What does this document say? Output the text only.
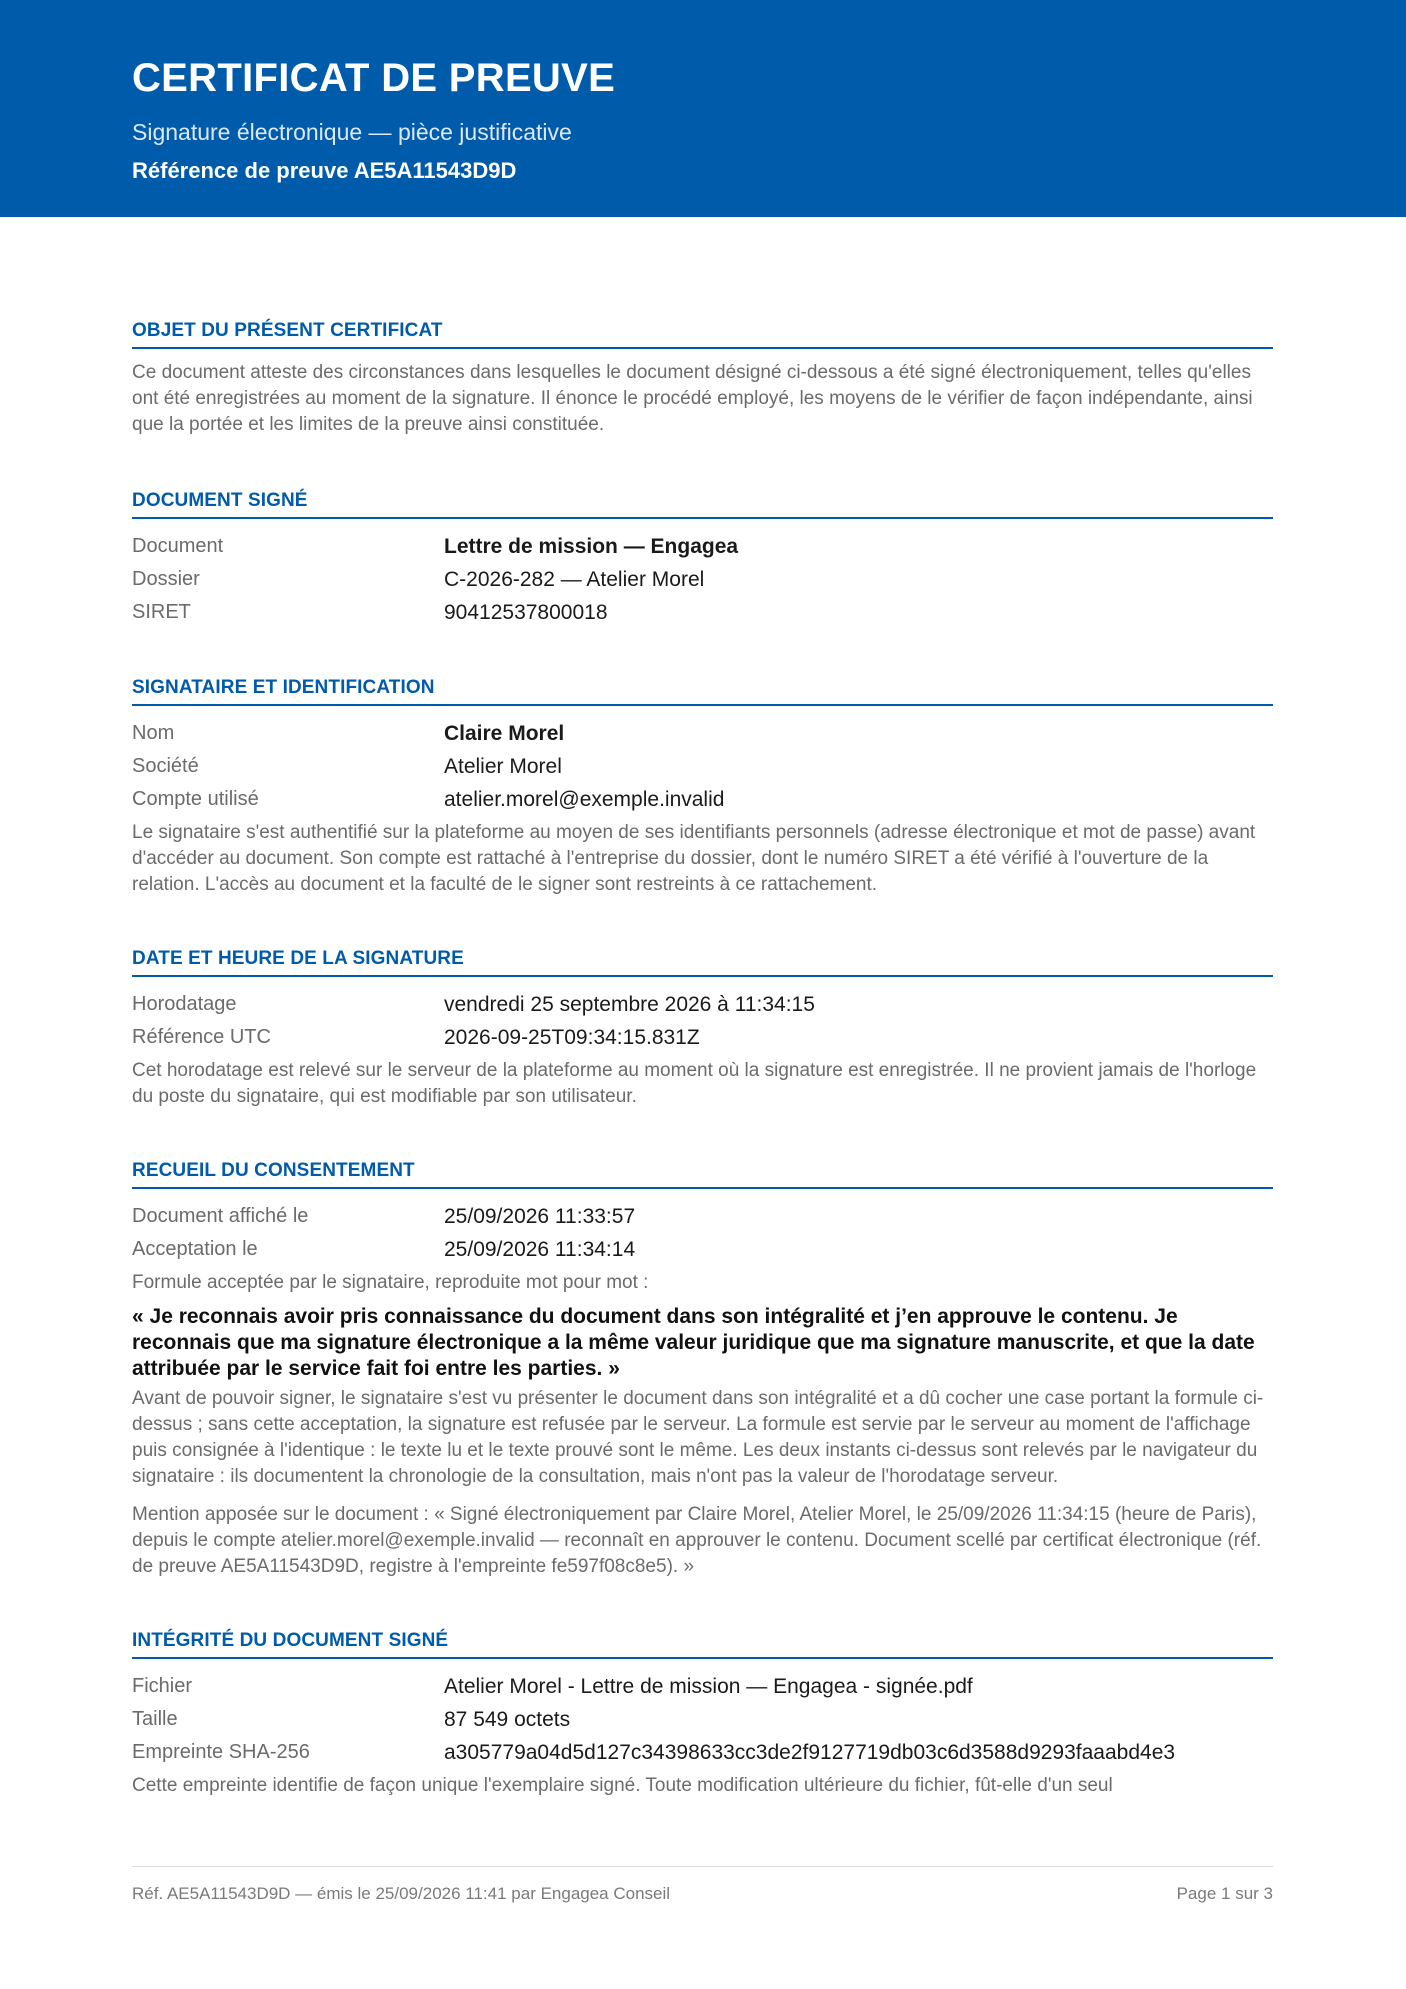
CERTIFICAT DE PREUVE
Signature électronique — pièce justificative
Référence de preuve AE5A11543D9D
OBJET DU PRÉSENT CERTIFICAT
Ce document atteste des circonstances dans lesquelles le document désigné ci-dessous a été signé électroniquement, telles qu'elles ont été enregistrées au moment de la signature. Il énonce le procédé employé, les moyens de le vérifier de façon indépendante, ainsi que la portée et les limites de la preuve ainsi constituée.
DOCUMENT SIGNÉ
Document	Lettre de mission — Engagea
Dossier	C-2026-282 — Atelier Morel
SIRET	90412537800018
SIGNATAIRE ET IDENTIFICATION
Nom	Claire Morel
Société	Atelier Morel
Compte utilisé	atelier.morel@exemple.invalid
Le signataire s'est authentifié sur la plateforme au moyen de ses identifiants personnels (adresse électronique et mot de passe) avant d'accéder au document. Son compte est rattaché à l'entreprise du dossier, dont le numéro SIRET a été vérifié à l'ouverture de la relation. L'accès au document et la faculté de le signer sont restreints à ce rattachement.
DATE ET HEURE DE LA SIGNATURE
Horodatage	vendredi 25 septembre 2026 à 11:34:15
Référence UTC	2026-09-25T09:34:15.831Z
Cet horodatage est relevé sur le serveur de la plateforme au moment où la signature est enregistrée. Il ne provient jamais de l'horloge du poste du signataire, qui est modifiable par son utilisateur.
RECUEIL DU CONSENTEMENT
Document affiché le	25/09/2026 11:33:57
Acceptation le	25/09/2026 11:34:14
Formule acceptée par le signataire, reproduite mot pour mot :
« Je reconnais avoir pris connaissance du document dans son intégralité et j’en approuve le contenu. Je reconnais que ma signature électronique a la même valeur juridique que ma signature manuscrite, et que la date attribuée par le service fait foi entre les parties. »
Avant de pouvoir signer, le signataire s'est vu présenter le document dans son intégralité et a dû cocher une case portant la formule ci-dessus ; sans cette acceptation, la signature est refusée par le serveur. La formule est servie par le serveur au moment de l'affichage puis consignée à l'identique : le texte lu et le texte prouvé sont le même. Les deux instants ci-dessus sont relevés par le navigateur du signataire : ils documentent la chronologie de la consultation, mais n'ont pas la valeur de l'horodatage serveur.
Mention apposée sur le document : « Signé électroniquement par Claire Morel, Atelier Morel, le 25/09/2026 11:34:15 (heure de Paris), depuis le compte atelier.morel@exemple.invalid — reconnaît en approuver le contenu. Document scellé par certificat électronique (réf. de preuve AE5A11543D9D, registre à l'empreinte fe597f08c8e5). »
INTÉGRITÉ DU DOCUMENT SIGNÉ
Fichier	Atelier Morel - Lettre de mission — Engagea - signée.pdf
Taille	87 549 octets
Empreinte SHA-256	a305779a04d5d127c34398633cc3de2f9127719db03c6d3588d9293faaabd4e3
Cette empreinte identifie de façon unique l'exemplaire signé. Toute modification ultérieure du fichier, fût-elle d'un seul
Réf. AE5A11543D9D — émis le 25/09/2026 11:41 par Engagea Conseil	Page 1 sur 3
